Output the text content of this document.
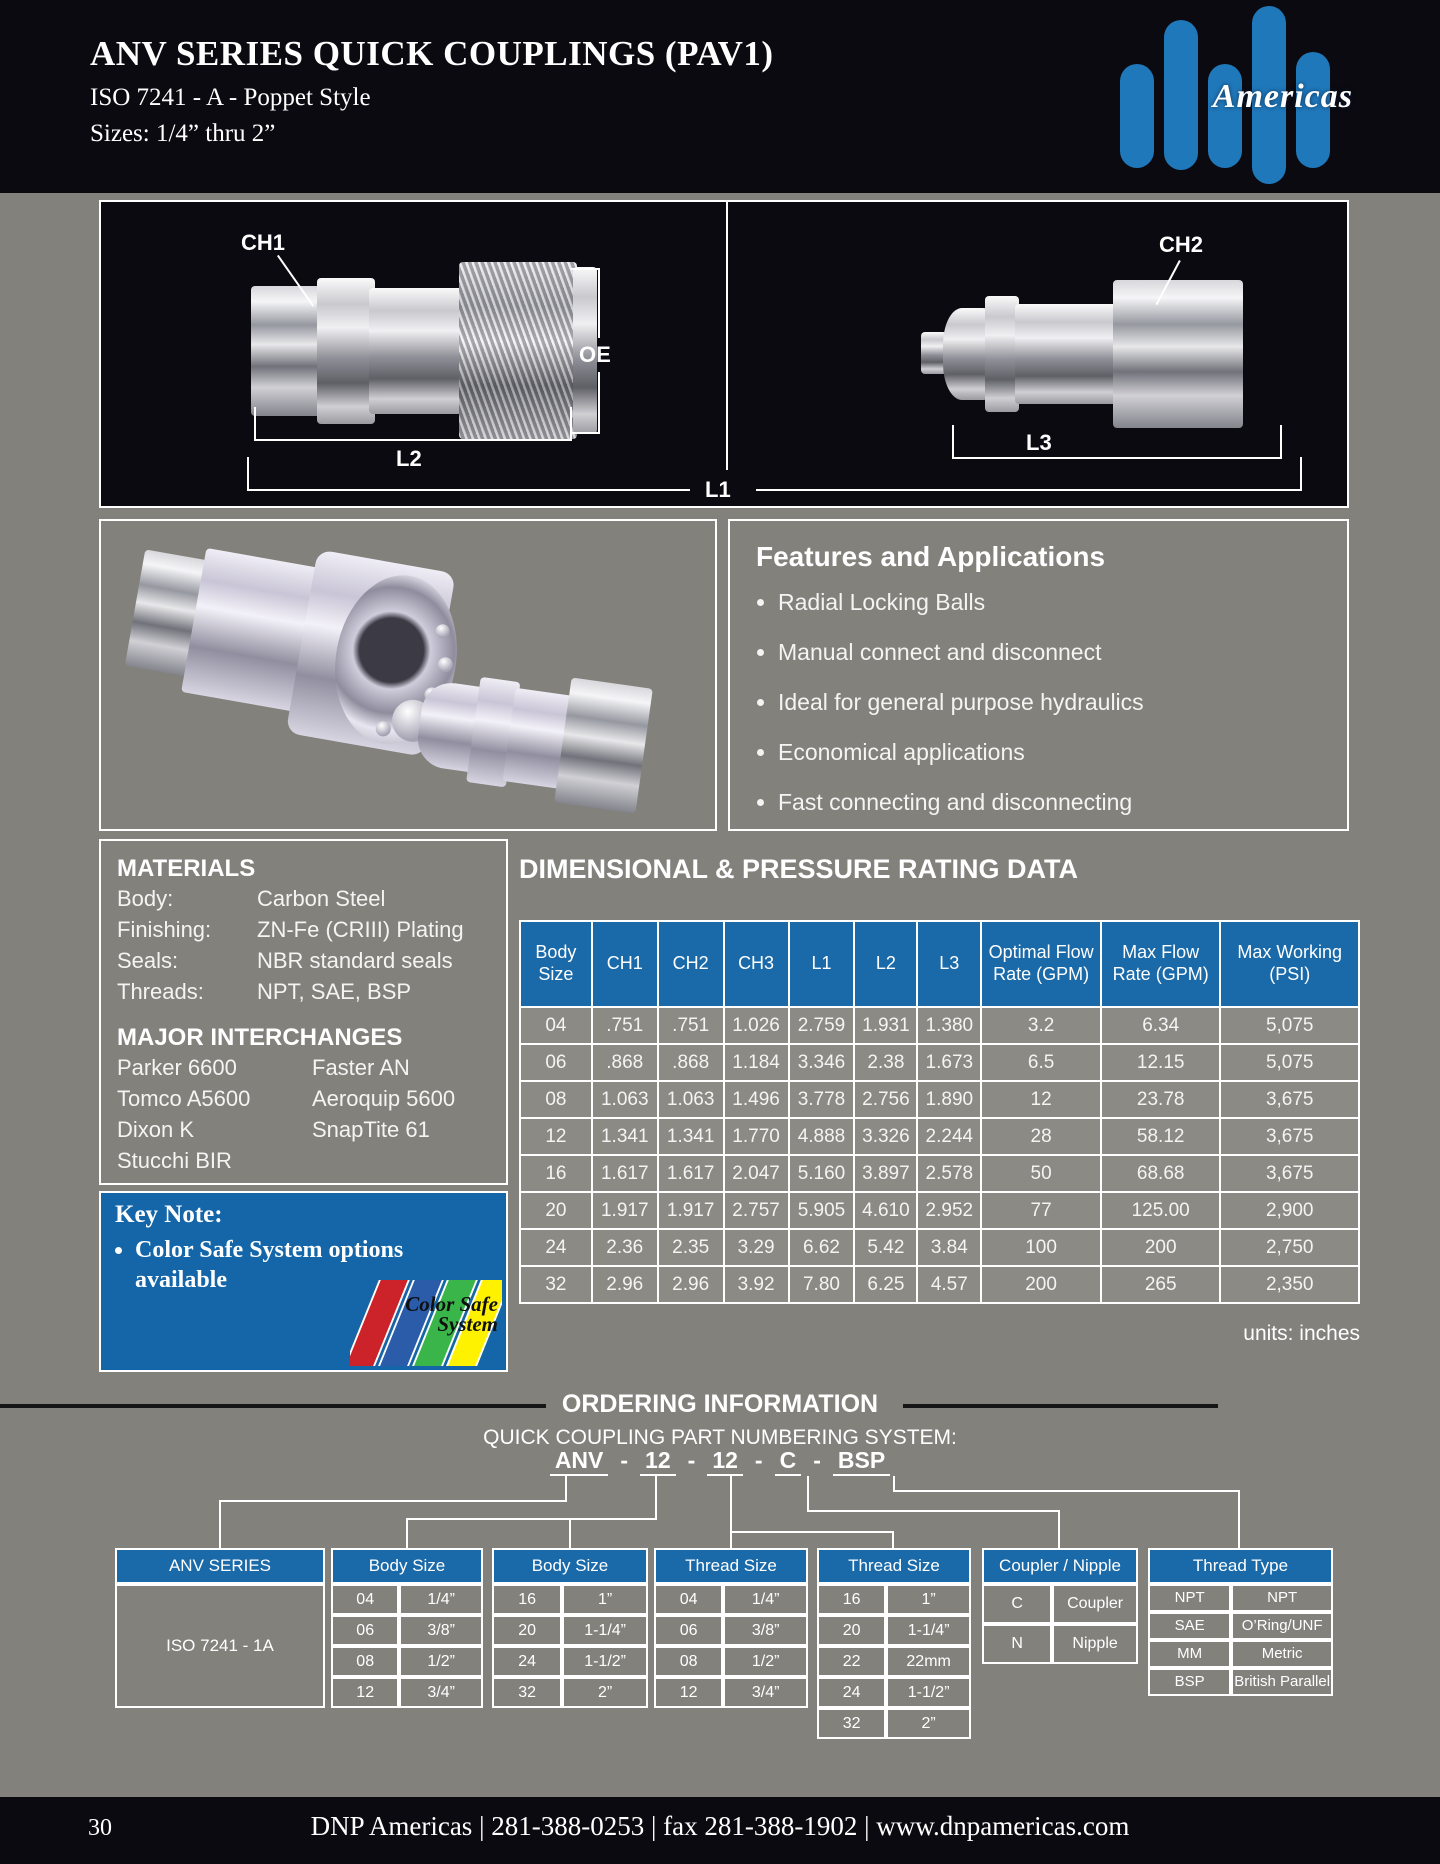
ANV SERIES QUICK COUPLINGS (PAV1)
ISO 7241 - A - Poppet Style
Sizes: 1/4” thru 2”
Americas
CH1	CH2
OE
L2
L1
L3
Features and Applications
• Radial Locking Balls
• Manual connect and disconnect
• Ideal for general purpose hydraulics
• Economical applications
• Fast connecting and disconnecting
MATERIALS
Body:	Carbon Steel
Finishing:	ZN-Fe (CRIII) Plating
Seals:	NBR standard seals
Threads:	NPT, SAE, BSP
MAJOR INTERCHANGES
Parker 6600	Faster AN
Tomco A5600	Aeroquip 5600
Dixon K	SnapTite 61
Stucchi BIR
Key Note:
• Color Safe System options available
Color Safe
System
DIMENSIONAL & PRESSURE RATING DATA
Body Size	CH1	CH2	CH3	L1	L2	L3	Optimal Flow Rate (GPM)	Max Flow Rate (GPM)	Max Working (PSI)
04	.751	.751	1.026	2.759	1.931	1.380	3.2	6.34	5,075
06	.868	.868	1.184	3.346	2.38	1.673	6.5	12.15	5,075
08	1.063	1.063	1.496	3.778	2.756	1.890	12	23.78	3,675
12	1.341	1.341	1.770	4.888	3.326	2.244	28	58.12	3,675
16	1.617	1.617	2.047	5.160	3.897	2.578	50	68.68	3,675
20	1.917	1.917	2.757	5.905	4.610	2.952	77	125.00	2,900
24	2.36	2.35	3.29	6.62	5.42	3.84	100	200	2,750
32	2.96	2.96	3.92	7.80	6.25	4.57	200	265	2,350
units: inches
ORDERING INFORMATION
QUICK COUPLING PART NUMBERING SYSTEM:
ANV - 12 - 12 - C - BSP
ANV SERIES
ISO 7241 - 1A
Body Size
04	1/4”
06	3/8”
08	1/2”
12	3/4”
Body Size
16	1”
20	1-1/4”
24	1-1/2”
32	2”
Thread Size
04	1/4”
06	3/8”
08	1/2”
12	3/4”
Thread Size
16	1”
20	1-1/4”
22	22mm
24	1-1/2”
32	2”
Coupler / Nipple
C	Coupler
N	Nipple
Thread Type
NPT	NPT
SAE	O’Ring/UNF
MM	Metric
BSP	British Parallel
30	DNP Americas | 281-388-0253 | fax 281-388-1902 | www.dnpamericas.com
